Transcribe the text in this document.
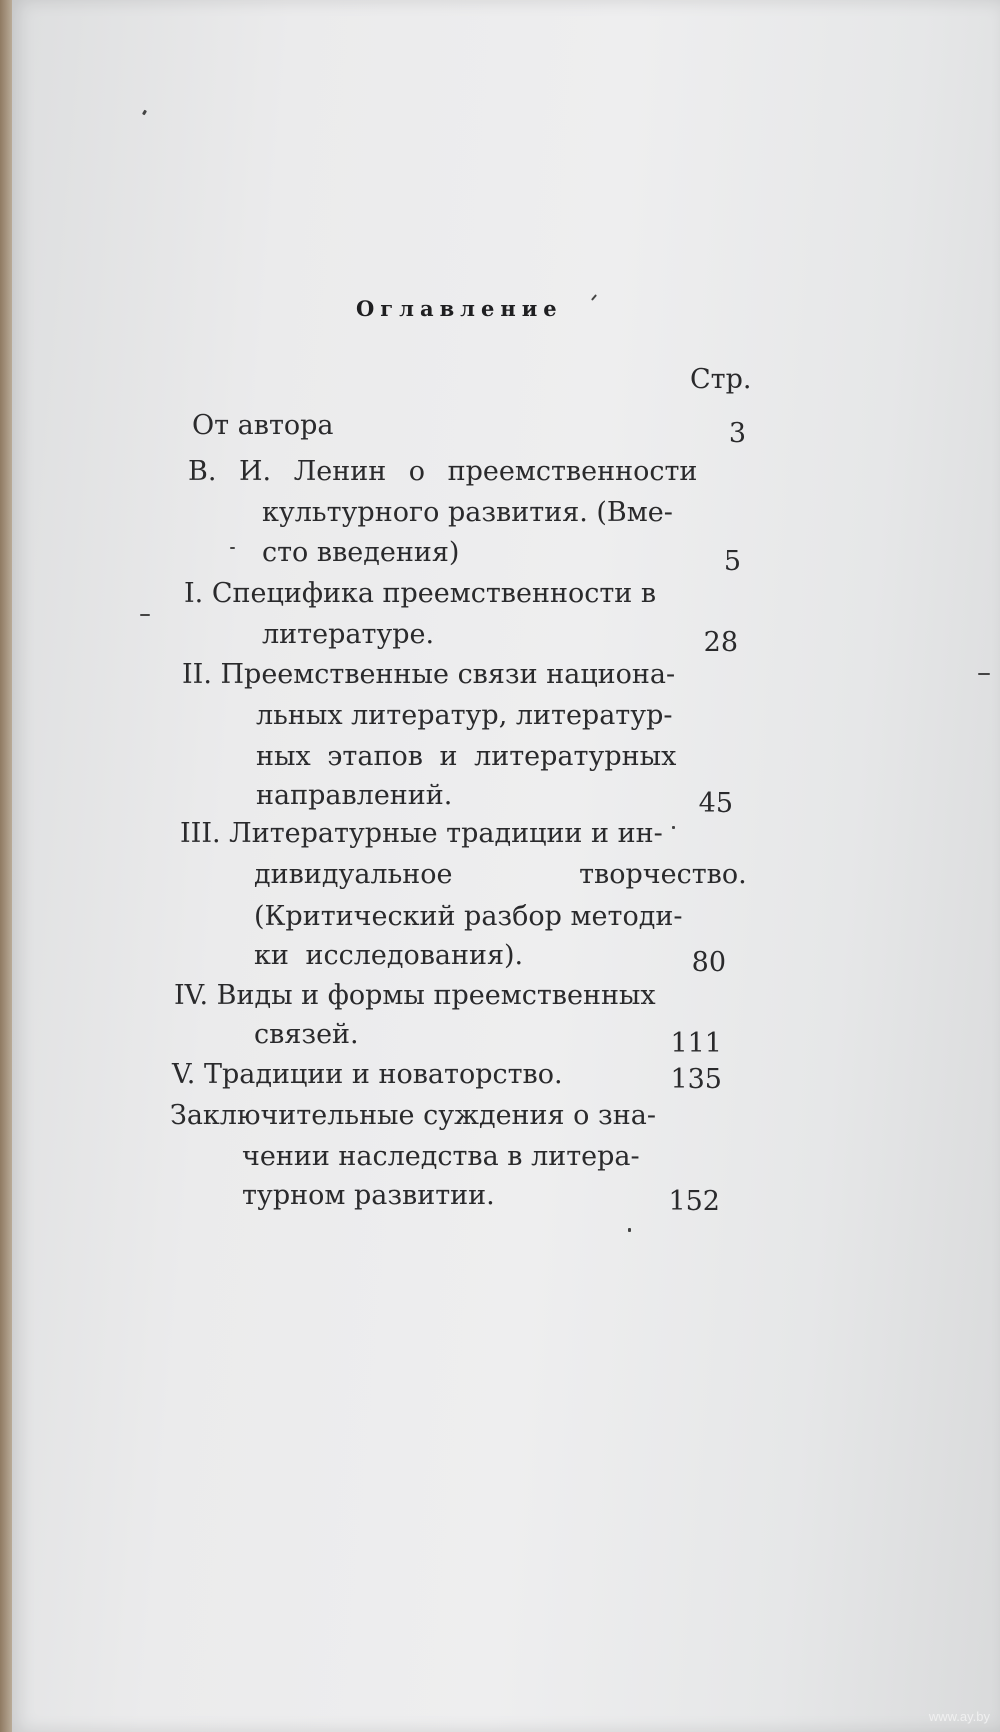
Оглавление
Стр.
От автора	3
В. И. Ленин о преемственности
культурного развития. (Вме-
сто введения)	5
I. Специфика преемственности в
литературе.	28
II. Преемственные связи национа-
льных литератур, литератур-
ных этапов и литературных
направлений.	45
III. Литературные традиции и ин-
дивидуальное творчество.
(Критический разбор методи-
ки исследования).	80
IV. Виды и формы преемственных
связей.	111
V. Традиции и новаторство.	135
Заключительные суждения о зна-
чении наследства в литера-
турном развитии.	152
www.ay.by
